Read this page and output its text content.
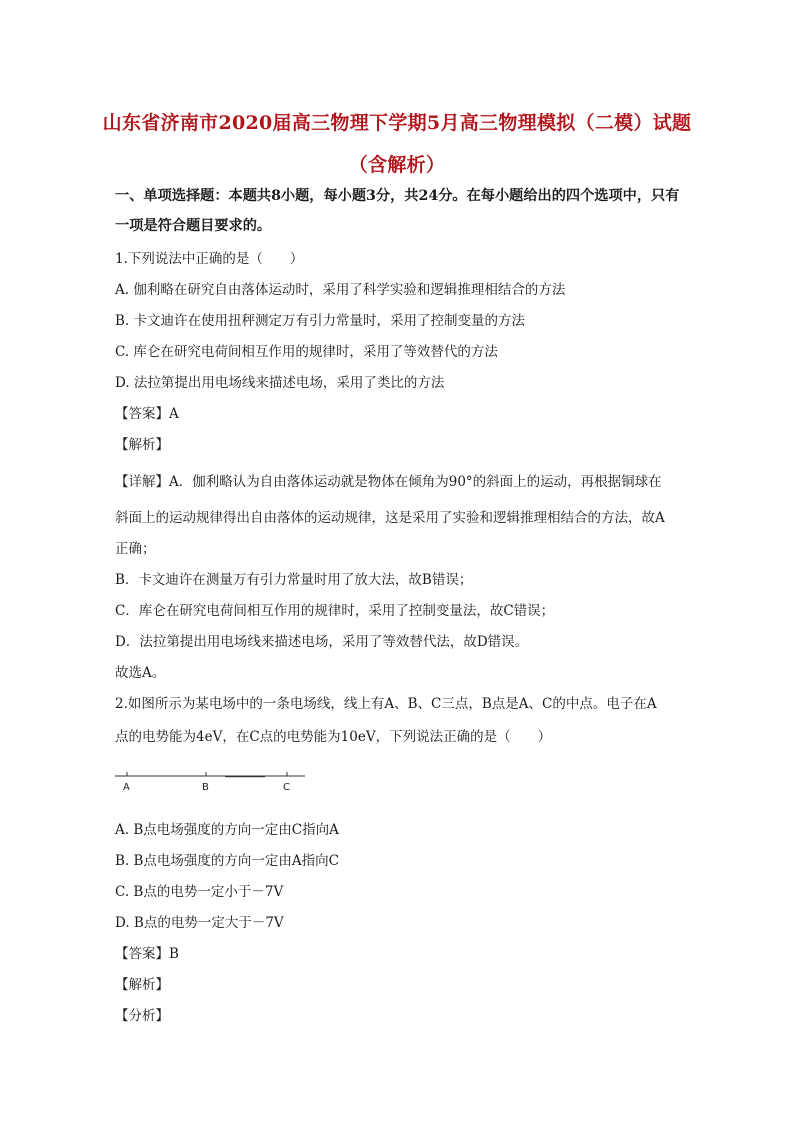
山东省济南市2020届高三物理下学期5月高三物理模拟（二模）试题
（含解析）
一、单项选择题：本题共8小题，每小题3分，共24分。在每小题给出的四个选项中，只有
一项是符合题目要求的。
1.下列说法中正确的是（　　）
A. 伽利略在研究自由落体运动时，采用了科学实验和逻辑推理相结合的方法
B. 卡文迪许在使用扭秤测定万有引力常量时，采用了控制变量的方法
C. 库仑在研究电荷间相互作用的规律时，采用了等效替代的方法
D. 法拉第提出用电场线来描述电场，采用了类比的方法
【答案】A
【解析】
【详解】A．伽利略认为自由落体运动就是物体在倾角为90°的斜面上的运动，再根据铜球在
斜面上的运动规律得出自由落体的运动规律，这是采用了实验和逻辑推理相结合的方法，故A
正确；
B．卡文迪许在测量万有引力常量时用了放大法，故B错误；
C．库仑在研究电荷间相互作用的规律时，采用了控制变量法，故C错误；
D．法拉第提出用电场线来描述电场，采用了等效替代法，故D错误。
故选A。
2.如图所示为某电场中的一条电场线，线上有A、B、C三点，B点是A、C的中点。电子在A
点的电势能为4eV，在C点的电势能为10eV，下列说法正确的是（　　）
A	B	C
A. B点电场强度的方向一定由C指向A
B. B点电场强度的方向一定由A指向C
C. B点的电势一定小于－7V
D. B点的电势一定大于－7V
【答案】B
【解析】
【分析】
